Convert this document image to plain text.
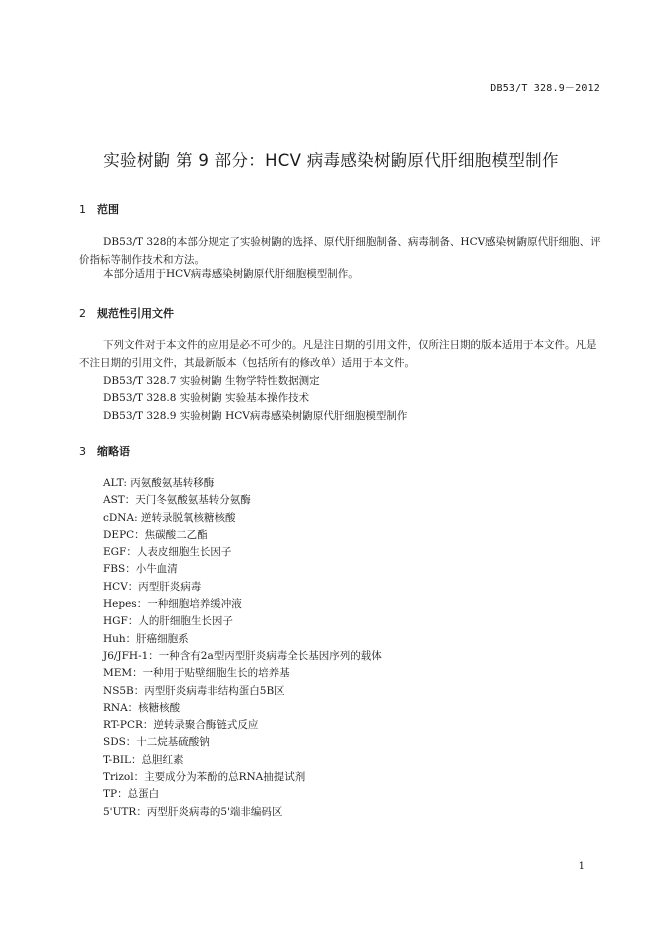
DB53/T 328.9－2012
实验树鼩 第 9 部分：HCV 病毒感染树鼩原代肝细胞模型制作
1 范围
DB53/T 328的本部分规定了实验树鼩的选择、原代肝细胞制备、病毒制备、HCV感染树鼩原代肝细胞、评价指标等制作技术和方法。
本部分适用于HCV病毒感染树鼩原代肝细胞模型制作。
2 规范性引用文件
下列文件对于本文件的应用是必不可少的。凡是注日期的引用文件，仅所注日期的版本适用于本文件。凡是不注日期的引用文件，其最新版本（包括所有的修改单）适用于本文件。
DB53/T 328.7 实验树鼩 生物学特性数据测定
DB53/T 328.8 实验树鼩 实验基本操作技术
DB53/T 328.9 实验树鼩 HCV病毒感染树鼩原代肝细胞模型制作
3 缩略语
ALT: 丙氨酸氨基转移酶
AST：天门冬氨酸氨基转分氨酶
cDNA: 逆转录脱氧核糖核酸
DEPC：焦碳酸二乙酯
EGF：人表皮细胞生长因子
FBS：小牛血清
HCV：丙型肝炎病毒
Hepes：一种细胞培养缓冲液
HGF：人的肝细胞生长因子
Huh：肝癌细胞系
J6/JFH-1：一种含有2a型丙型肝炎病毒全长基因序列的载体
MEM：一种用于贴壁细胞生长的培养基
NS5B：丙型肝炎病毒非结构蛋白5B区
RNA：核糖核酸
RT-PCR：逆转录聚合酶链式反应
SDS：十二烷基硫酸钠
T-BIL：总胆红素
Trizol：主要成分为苯酚的总RNA抽提试剂
TP：总蛋白
5'UTR：丙型肝炎病毒的5'端非编码区
1
